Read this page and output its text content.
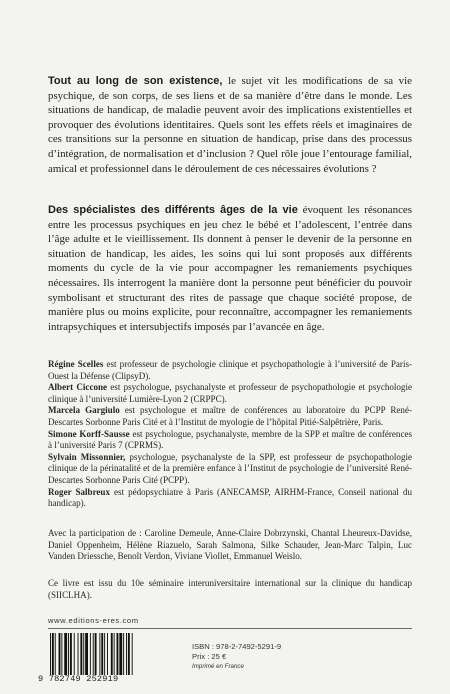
Tout au long de son existence, le sujet vit les modifications de sa vie psychique, de son corps, de ses liens et de sa manière d’être dans le monde. Les situations de handicap, de maladie peuvent avoir des implications existentielles et provoquer des évolutions identitaires. Quels sont les effets réels et imaginaires de ces transitions sur la personne en situation de handicap, prise dans des processus d’intégration, de normalisation et d’inclusion ? Quel rôle joue l’entourage familial, amical et professionnel dans le déroulement de ces nécessaires évolutions ?
Des spécialistes des différents âges de la vie évoquent les résonances entre les processus psychiques en jeu chez le bébé et l’adolescent, l’entrée dans l’âge adulte et le vieillissement. Ils donnent à penser le devenir de la personne en situation de handicap, les aides, les soins qui lui sont proposés aux différents moments du cycle de la vie pour accompagner les remaniements psychiques nécessaires. Ils interrogent la manière dont la personne peut bénéficier du pouvoir symbolisant et structurant des rites de passage que chaque société propose, de manière plus ou moins explicite, pour reconnaître, accompagner les remaniements intrapsychiques et intersubjectifs imposés par l’avancée en âge.

Régine Scelles est professeur de psychologie clinique et psychopathologie à l’université de Paris-Ouest la Défense (ClipsyD).

Albert Ciccone est psychologue, psychanalyste et professeur de psychopathologie et psychologie clinique à l’université Lumière-Lyon 2 (CRPPC).

Marcela Gargiulo est psychologue et maître de conférences au laboratoire du PCPP René-Descartes Sorbonne Paris Cité et à l’Institut de myologie de l’hôpital Pitié-Salpêtrière, Paris.

Simone Korff-Sausse est psychologue, psychanalyste, membre de la SPP et maître de conférences à l’université Paris 7 (CPRMS).

Sylvain Missonnier, psychologue, psychanalyste de la SPP, est professeur de psychopathologie clinique de la périnatalité et de la première enfance à l’Institut de psychologie de l’université René-Descartes Sorbonne Paris Cité (PCPP).

Roger Salbreux est pédopsychiatre à Paris (ANECAMSP, AIRHM-France, Conseil national du handicap).

Avec la participation de : Caroline Demeule, Anne-Claire Dobrzynski, Chantal Lheureux-Davidse, Daniel Oppenheim, Hélène Riazuelo, Sarah Salmona, Silke Schauder, Jean-Marc Talpin, Luc Vanden Driessche, Benoît Verdon, Viviane Viollet, Emmanuel Weislo.
Ce livre est issu du 10e séminaire interuniversitaire international sur la clinique du handicap (SIICLHA).
www.editions-eres.com
9 782749 252919
ISBN : 978-2-7492-5291-9
Prix : 25 €
Imprimé en France
